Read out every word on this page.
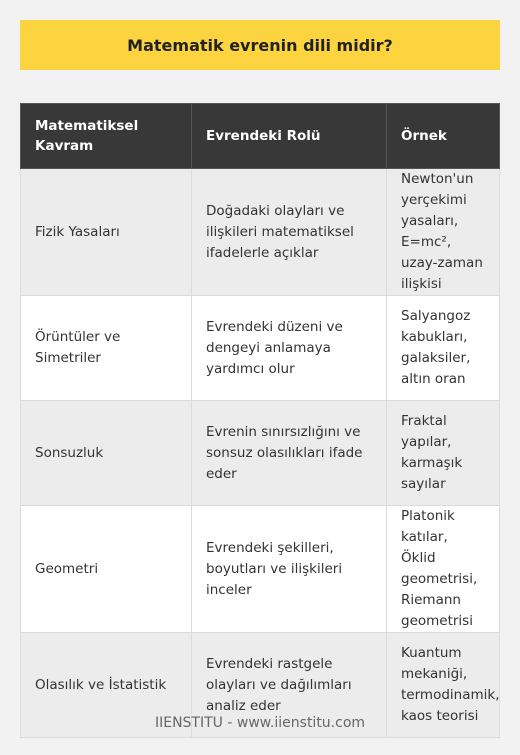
Matematik evrenin dili midir?
Matematiksel Kavram	Evrendeki Rolü	Örnek
Fizik Yasaları	Doğadaki olayları ve ilişkileri matematiksel ifadelerle açıklar	Newton'un yerçekimi yasaları, E=mc², uzay-zaman ilişkisi
Örüntüler ve Simetriler	Evrendeki düzeni ve dengeyi anlamaya yardımcı olur	Salyangoz kabukları, galaksiler, altın oran
Sonsuzluk	Evrenin sınırsızlığını ve sonsuz olasılıkları ifade eder	Fraktal yapılar, karmaşık sayılar
Geometri	Evrendeki şekilleri, boyutları ve ilişkileri inceler	Platonik katılar, Öklid geometrisi, Riemann geometrisi
Olasılık ve İstatistik	Evrendeki rastgele olayları ve dağılımları analiz eder	Kuantum mekaniği, termodinamik, kaos teorisi
IIENSTITU - www.iienstitu.com
